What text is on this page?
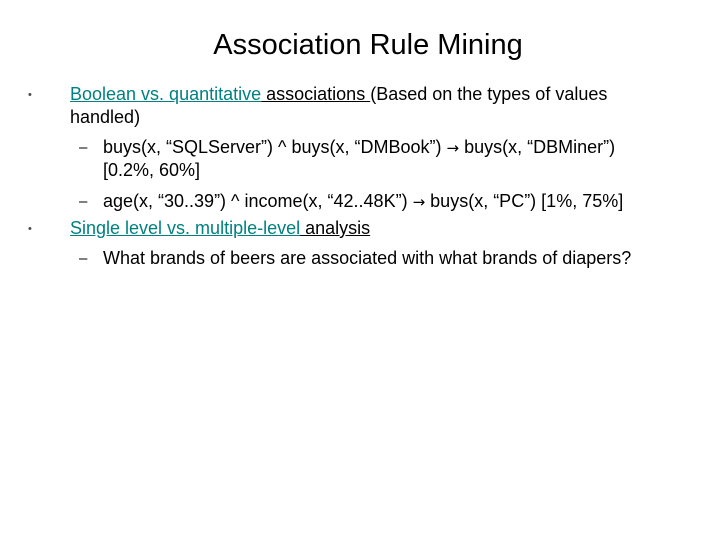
Association Rule Mining
• Boolean vs. quantitative associations (Based on the types of values
handled)
– buys(x, “SQLServer”) ^ buys(x, “DMBook”) → buys(x, “DBMiner”)
[0.2%, 60%]
– age(x, “30..39”) ^ income(x, “42..48K”) → buys(x, “PC”) [1%, 75%]
• Single level vs. multiple-level analysis
– What brands of beers are associated with what brands of diapers?
